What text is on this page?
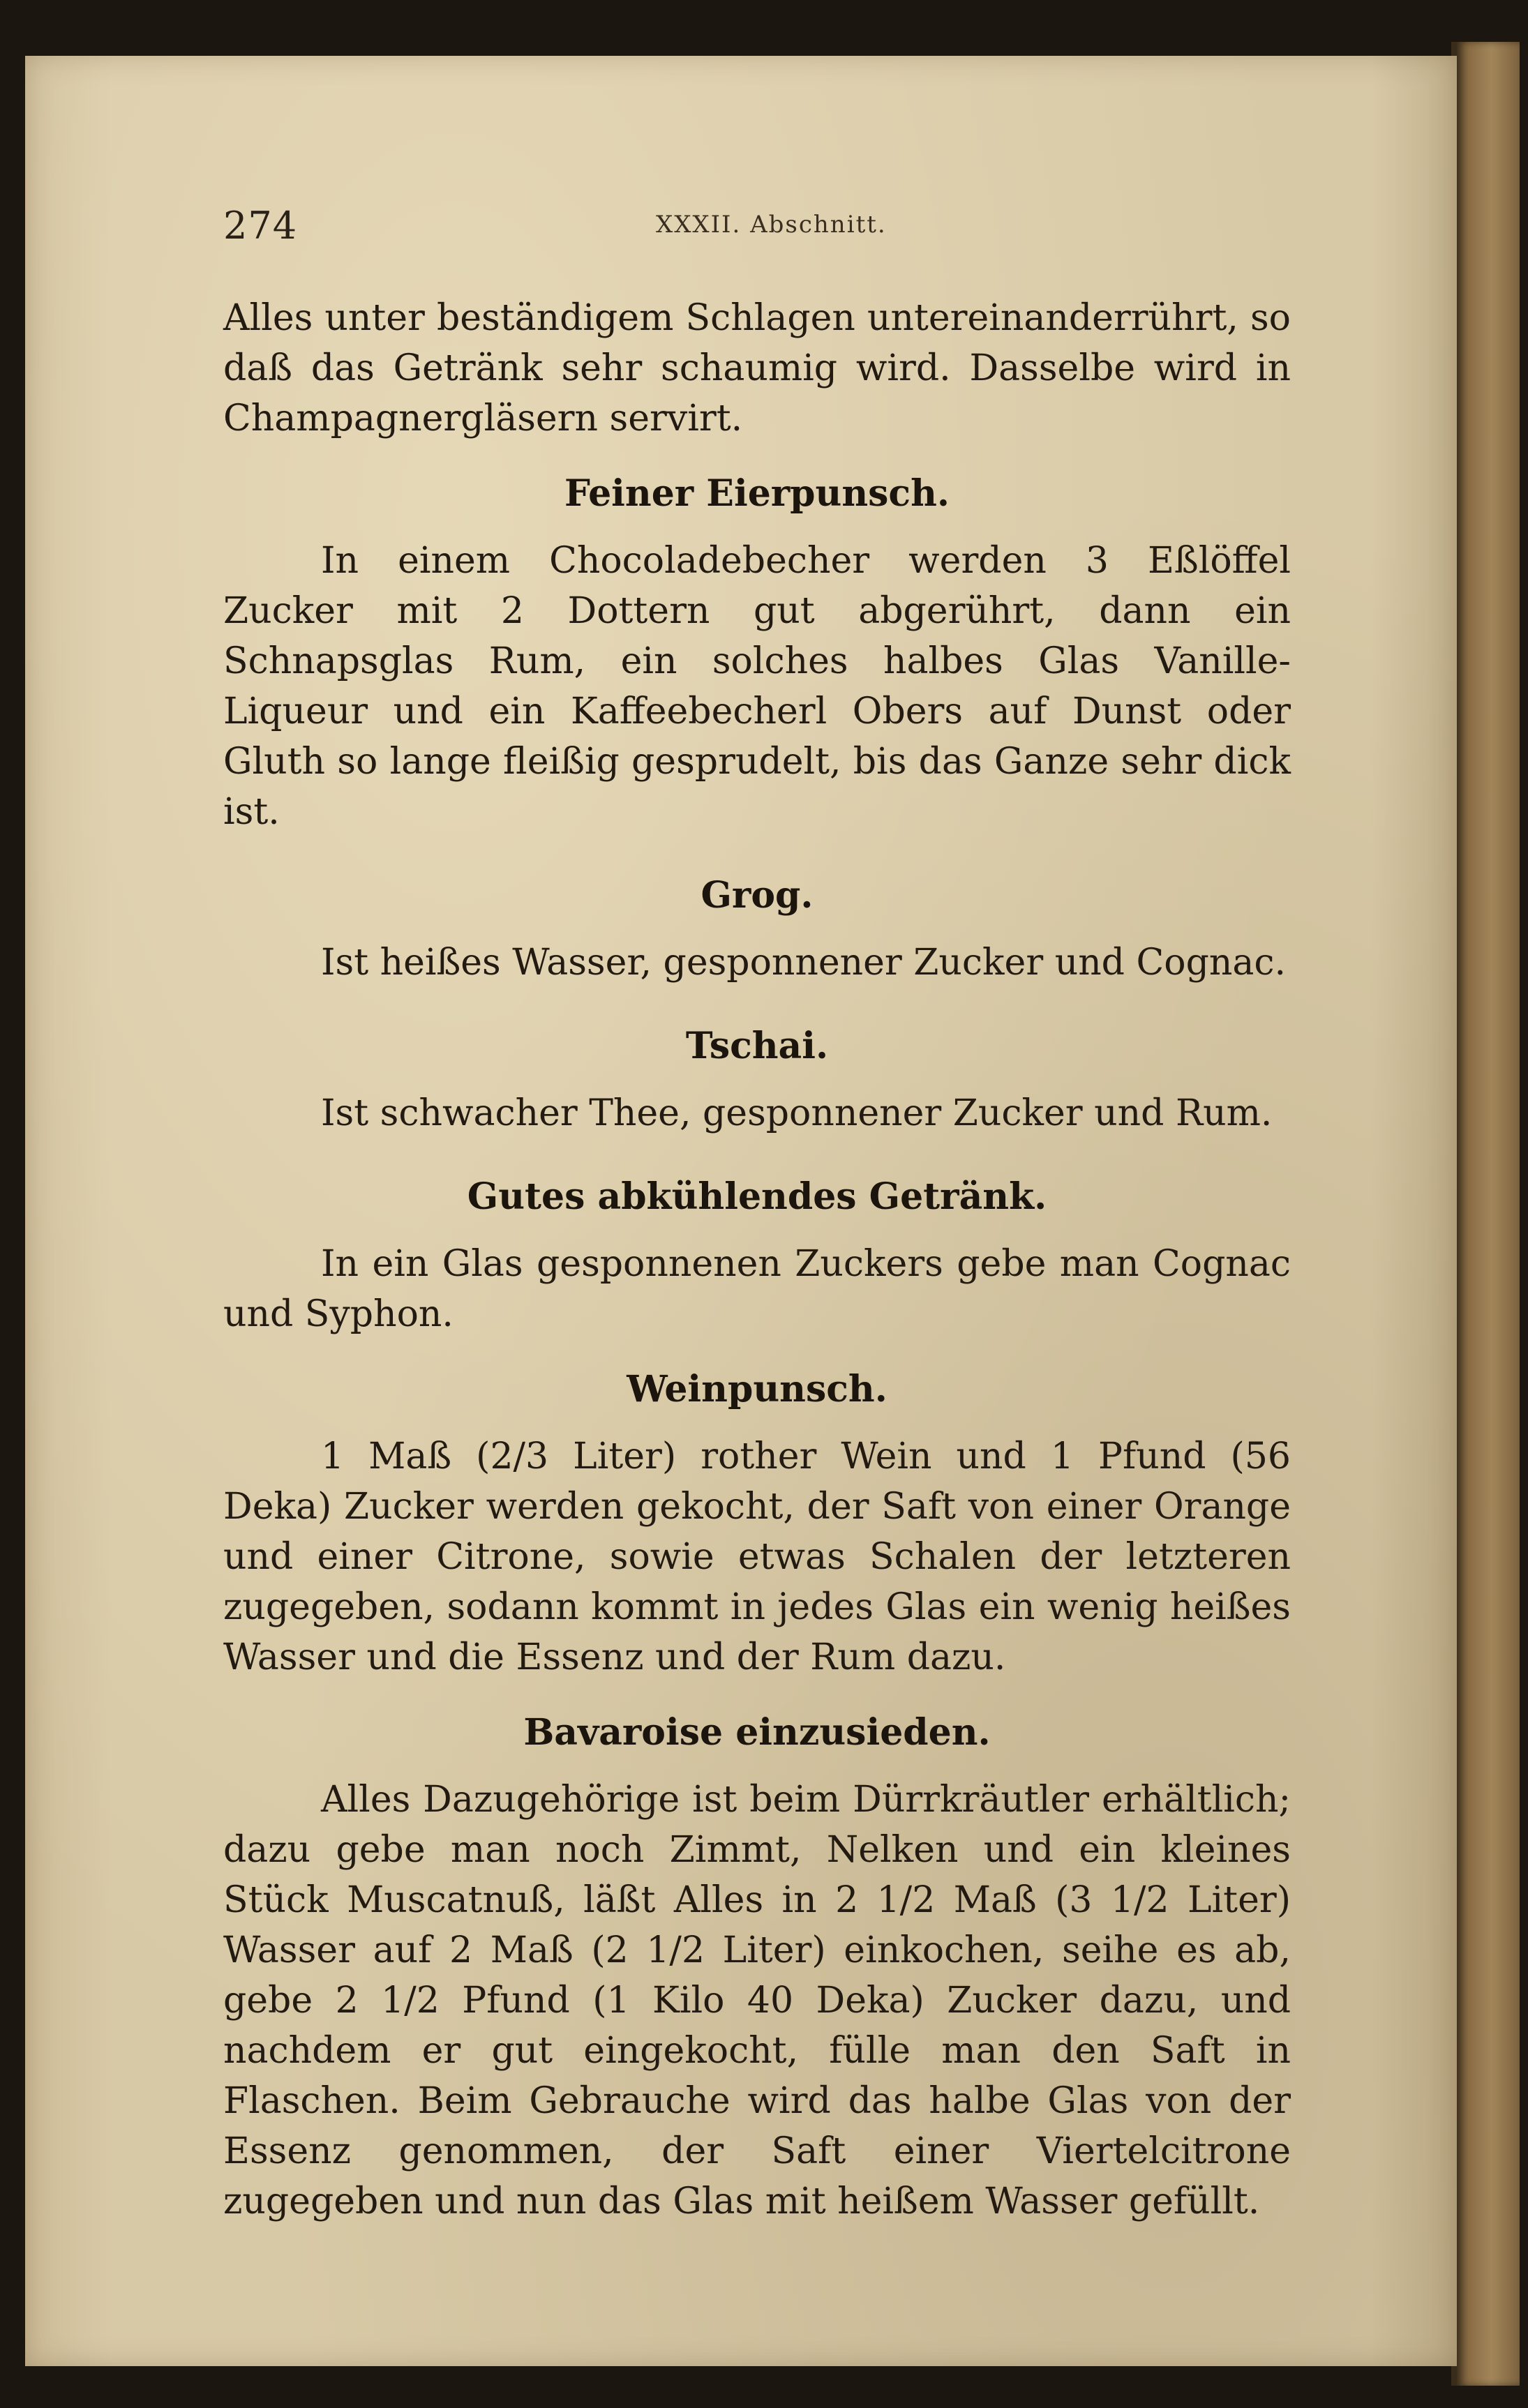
274	XXXII. Abschnitt.

Alles unter beständigem Schlagen untereinanderrührt, so daß das Getränk sehr schaumig wird. Dasselbe wird in Champagnergläsern servirt.

Feiner Eierpunsch.

In einem Chocoladebecher werden 3 Eßlöffel Zucker mit 2 Dottern gut abgerührt, dann ein Schnapsglas Rum, ein solches halbes Glas Vanille-Liqueur und ein Kaffeebecherl Obers auf Dunst oder Gluth so lange fleißig gesprudelt, bis das Ganze sehr dick ist.

Grog.

Ist heißes Wasser, gesponnener Zucker und Cognac.

Tschai.

Ist schwacher Thee, gesponnener Zucker und Rum.

Gutes abkühlendes Getränk.

In ein Glas gesponnenen Zuckers gebe man Cognac und Syphon.

Weinpunsch.

1 Maß (2/3 Liter) rother Wein und 1 Pfund (56 Deka) Zucker werden gekocht, der Saft von einer Orange und einer Citrone, sowie etwas Schalen der letzteren zugegeben, sodann kommt in jedes Glas ein wenig heißes Wasser und die Essenz und der Rum dazu.

Bavaroise einzusieden.

Alles Dazugehörige ist beim Dürrkräutler erhältlich; dazu gebe man noch Zimmt, Nelken und ein kleines Stück Muscatnuß, läßt Alles in 2 1/2 Maß (3 1/2 Liter) Wasser auf 2 Maß (2 1/2 Liter) einkochen, seihe es ab, gebe 2 1/2 Pfund (1 Kilo 40 Deka) Zucker dazu, und nachdem er gut eingekocht, fülle man den Saft in Flaschen. Beim Gebrauche wird das halbe Glas von der Essenz genommen, der Saft einer Viertelcitrone zugegeben und nun das Glas mit heißem Wasser gefüllt.
